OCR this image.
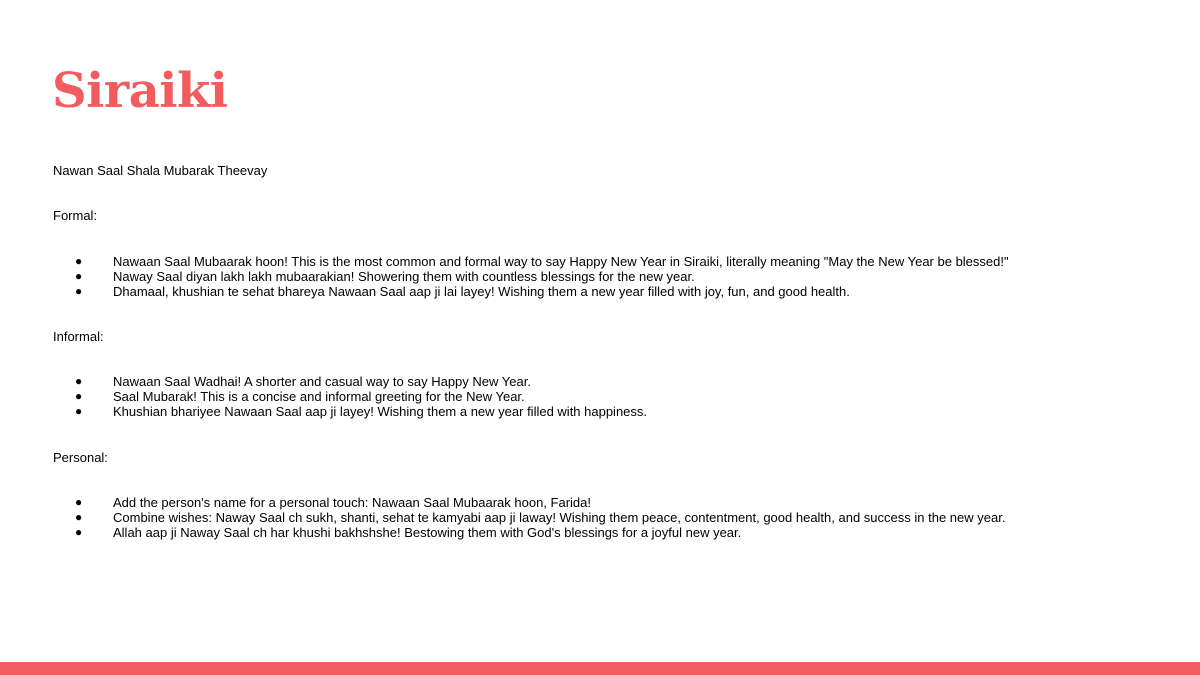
Siraiki

Nawan Saal Shala Mubarak Theevay

Formal:

●	Nawaan Saal Mubaarak hoon! This is the most common and formal way to say Happy New Year in Siraiki, literally meaning "May the New Year be blessed!"
●	Naway Saal diyan lakh lakh mubaarakian! Showering them with countless blessings for the new year.
●	Dhamaal, khushian te sehat bhareya Nawaan Saal aap ji lai layey! Wishing them a new year filled with joy, fun, and good health.

Informal:

●	Nawaan Saal Wadhai! A shorter and casual way to say Happy New Year.
●	Saal Mubarak! This is a concise and informal greeting for the New Year.
●	Khushian bhariyee Nawaan Saal aap ji layey! Wishing them a new year filled with happiness.

Personal:

●	Add the person's name for a personal touch: Nawaan Saal Mubaarak hoon, Farida!
●	Combine wishes: Naway Saal ch sukh, shanti, sehat te kamyabi aap ji laway! Wishing them peace, contentment, good health, and success in the new year.
●	Allah aap ji Naway Saal ch har khushi bakhshshe! Bestowing them with God's blessings for a joyful new year.
